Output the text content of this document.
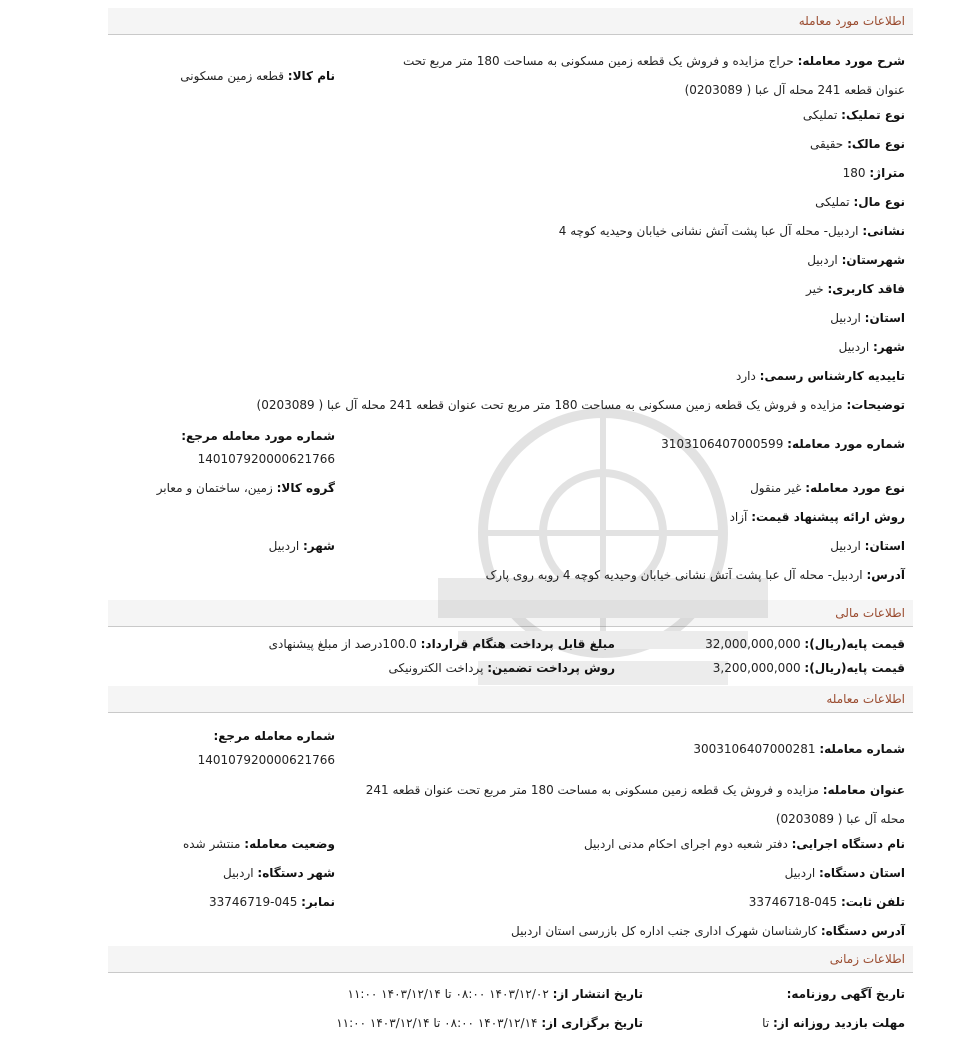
اطلاعات مورد معامله
شرح مورد معامله: حراج مزایده و فروش یک قطعه زمین مسکونی به مساحت 180 متر مربع تحت عنوان قطعه 241 محله آل عبا ( 0203089)
نام کالا: قطعه زمین مسکونی
نوع تملیک: تملیکی
نوع مالک: حقیقی
متراژ: 180
نوع مال: تملیکی
نشانی: اردبیل- محله آل عبا پشت آتش نشانی خیابان وحیدیه کوچه 4
شهرستان: اردبیل
فاقد کاربری: خیر
استان: اردبیل
شهر: اردبیل
تاییدیه کارشناس رسمی: دارد
توضیحات: مزایده و فروش یک قطعه زمین مسکونی به مساحت 180 متر مربع تحت عنوان قطعه 241 محله آل عبا ( 0203089)
شماره مورد معامله: 3103106407000599
شماره مورد معامله مرجع:
140107920000621766
نوع مورد معامله: غیر منقول
گروه کالا: زمین، ساختمان و معابر
روش ارائه پیشنهاد قیمت: آزاد
استان: اردبیل
شهر: اردبیل
آدرس: اردبیل- محله آل عبا پشت آتش نشانی خیابان وحیدیه کوچه 4 روبه روی پارک
اطلاعات مالی
قیمت پایه(ریال): 32,000,000,000
مبلغ قابل پرداخت هنگام قرارداد: 100.0درصد از مبلغ پیشنهادی
قیمت پایه(ریال): 3,200,000,000
روش پرداخت تضمین: پرداخت الکترونیکی
اطلاعات معامله
شماره معامله: 3003106407000281
شماره معامله مرجع:
140107920000621766
عنوان معامله: مزایده و فروش یک قطعه زمین مسکونی به مساحت 180 متر مربع تحت عنوان قطعه 241 محله آل عبا ( 0203089)
نام دستگاه اجرایی: دفتر شعبه دوم اجرای احکام مدنی اردبیل
وضعیت معامله: منتشر شده
استان دستگاه: اردبیل
شهر دستگاه: اردبیل
تلفن ثابت: 045-33746718
نمابر: 045-33746719
آدرس دستگاه: کارشناسان شهرک اداری جنب اداره کل بازرسی استان اردبیل
اطلاعات زمانی
تاریخ آگهی روزنامه:
تاریخ انتشار از: ۱۴۰۳/۱۲/۰۲ ۰۸:۰۰ تا ۱۴۰۳/۱۲/۱۴ ۱۱:۰۰
مهلت بازدید روزانه از: تا
تاریخ برگزاری از: ۱۴۰۳/۱۲/۱۴ ۰۸:۰۰ تا ۱۴۰۳/۱۲/۱۴ ۱۱:۰۰
